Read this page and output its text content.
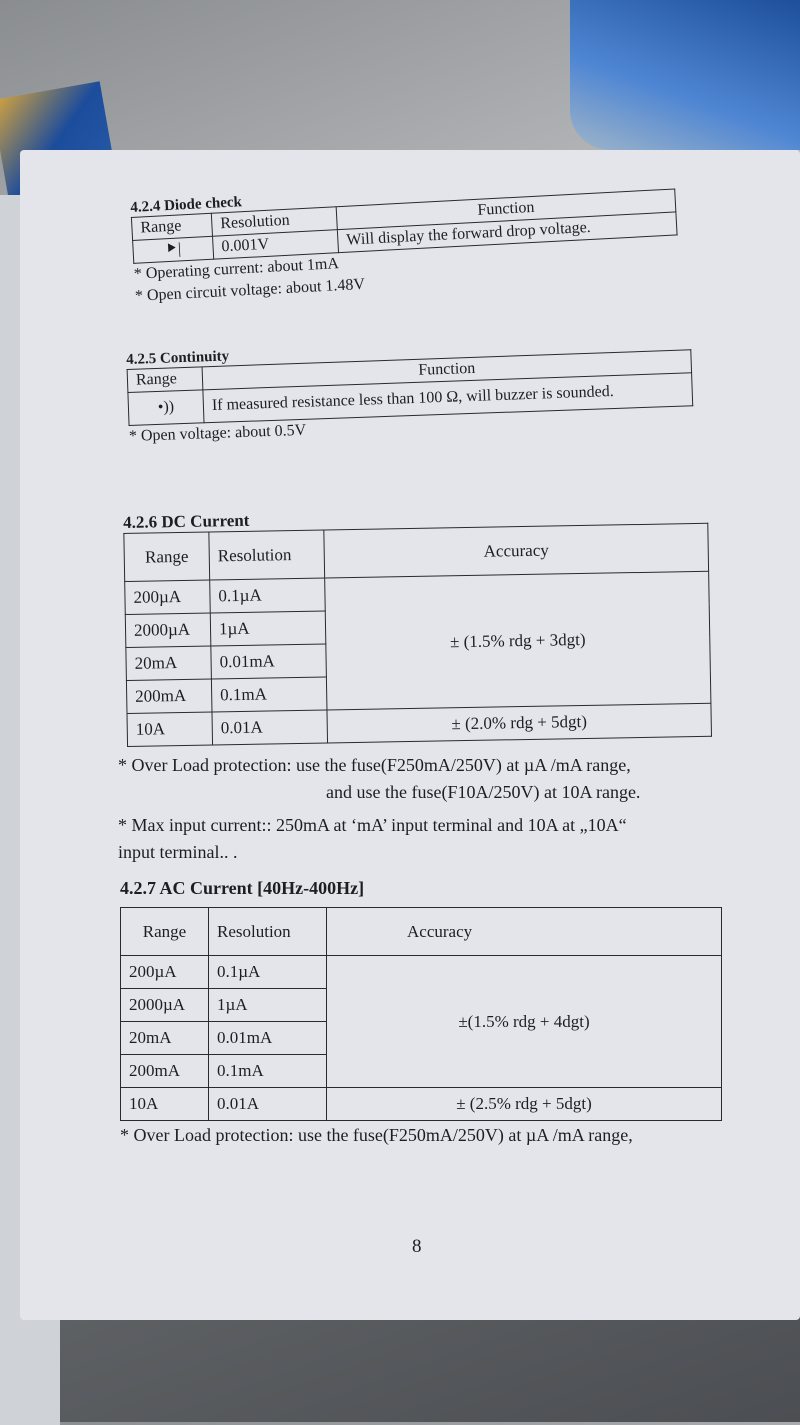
4.2.4 Diode check
Range	Resolution	Function
⯈|	0.001V	Will display the forward drop voltage.
* Operating current: about 1mA
* Open circuit voltage: about 1.48V
4.2.5 Continuity
Range	Function
•))	If measured resistance less than 100 Ω, will buzzer is sounded.
* Open voltage: about 0.5V
4.2.6 DC Current
Range	Resolution	Accuracy
200µA	0.1µA	± (1.5% rdg + 3dgt)
2000µA	1µA	
20mA	0.01mA	
200mA	0.1mA	
10A	0.01A	± (2.0% rdg + 5dgt)
* Over Load protection: use the fuse(F250mA/250V) at µA /mA range,
and use the fuse(F10A/250V) at 10A range.
* Max input current:: 250mA at ‘mA’ input terminal and 10A at „10A“
input terminal.. .
4.2.7 AC Current [40Hz-400Hz]
Range	Resolution	Accuracy
200µA	0.1µA	±(1.5% rdg + 4dgt)
2000µA	1µA	
20mA	0.01mA	
200mA	0.1mA	
10A	0.01A	± (2.5% rdg + 5dgt)
* Over Load protection: use the fuse(F250mA/250V) at µA /mA range,
8
